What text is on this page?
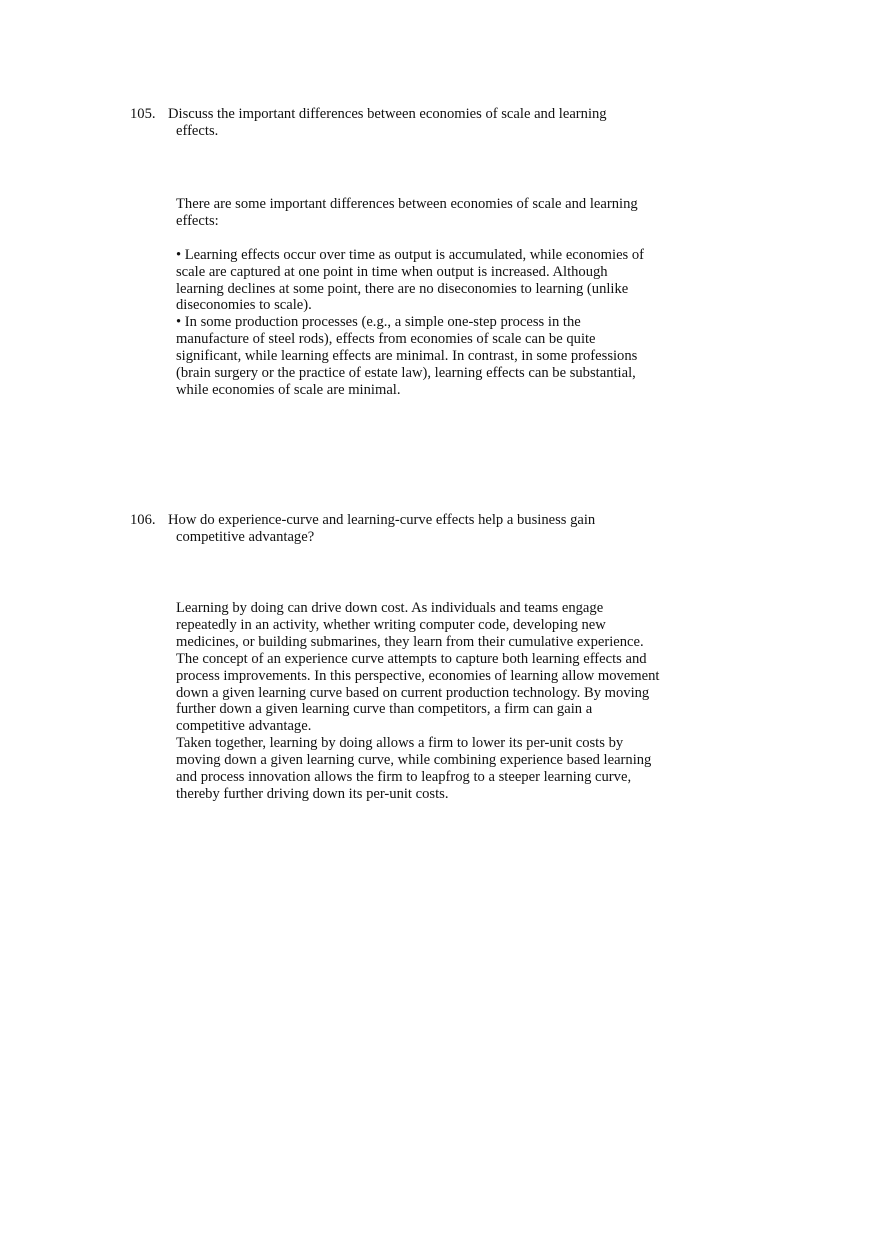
105. Discuss the important differences between economies of scale and learning
effects.
There are some important differences between economies of scale and learning
effects:
• Learning effects occur over time as output is accumulated, while economies of
scale are captured at one point in time when output is increased. Although
learning declines at some point, there are no diseconomies to learning (unlike
diseconomies to scale).
• In some production processes (e.g., a simple one-step process in the
manufacture of steel rods), effects from economies of scale can be quite
significant, while learning effects are minimal. In contrast, in some professions
(brain surgery or the practice of estate law), learning effects can be substantial,
while economies of scale are minimal.
106. How do experience-curve and learning-curve effects help a business gain
competitive advantage?
Learning by doing can drive down cost. As individuals and teams engage
repeatedly in an activity, whether writing computer code, developing new
medicines, or building submarines, they learn from their cumulative experience.
The concept of an experience curve attempts to capture both learning effects and
process improvements. In this perspective, economies of learning allow movement
down a given learning curve based on current production technology. By moving
further down a given learning curve than competitors, a firm can gain a
competitive advantage.
Taken together, learning by doing allows a firm to lower its per-unit costs by
moving down a given learning curve, while combining experience based learning
and process innovation allows the firm to leapfrog to a steeper learning curve,
thereby further driving down its per-unit costs.
